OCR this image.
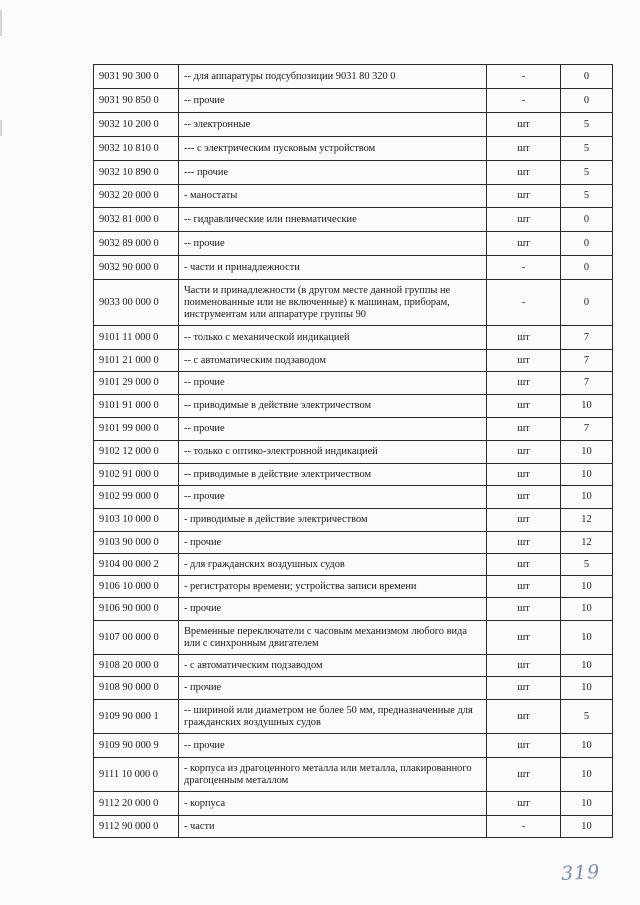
9031 90 300 0	-- для аппаратуры подсубпозиции 9031 80 320 0	-	0
9031 90 850 0	-- прочие	-	0
9032 10 200 0	-- электронные	шт	5
9032 10 810 0	--- с электрическим пусковым устройством	шт	5
9032 10 890 0	--- прочие	шт	5
9032 20 000 0	- маностаты	шт	5
9032 81 000 0	-- гидравлические или пневматические	шт	0
9032 89 000 0	-- прочие	шт	0
9032 90 000 0	- части и принадлежности	-	0
9033 00 000 0	Части и принадлежности (в другом месте данной группы не поименованные или не включенные) к машинам, приборам, инструментам или аппаратуре группы 90	-	0
9101 11 000 0	-- только с механической индикацией	шт	7
9101 21 000 0	-- с автоматическим подзаводом	шт	7
9101 29 000 0	-- прочие	шт	7
9101 91 000 0	-- приводимые в действие электричеством	шт	10
9101 99 000 0	-- прочие	шт	7
9102 12 000 0	-- только с оптико-электронной индикацией	шт	10
9102 91 000 0	-- приводимые в действие электричеством	шт	10
9102 99 000 0	-- прочие	шт	10
9103 10 000 0	- приводимые в действие электричеством	шт	12
9103 90 000 0	- прочие	шт	12
9104 00 000 2	- для гражданских воздушных судов	шт	5
9106 10 000 0	- регистраторы времени; устройства записи времени	шт	10
9106 90 000 0	- прочие	шт	10
9107 00 000 0	Временные переключатели с часовым механизмом любого вида или с синхронным двигателем	шт	10
9108 20 000 0	- с автоматическим подзаводом	шт	10
9108 90 000 0	- прочие	шт	10
9109 90 000 1	-- шириной или диаметром не более 50 мм, предназначенные для гражданских воздушных судов	шт	5
9109 90 000 9	-- прочие	шт	10
9111 10 000 0	- корпуса из драгоценного металла или металла, плакированного драгоценным металлом	шт	10
9112 20 000 0	- корпуса	шт	10
9112 90 000 0	- части	-	10
319
